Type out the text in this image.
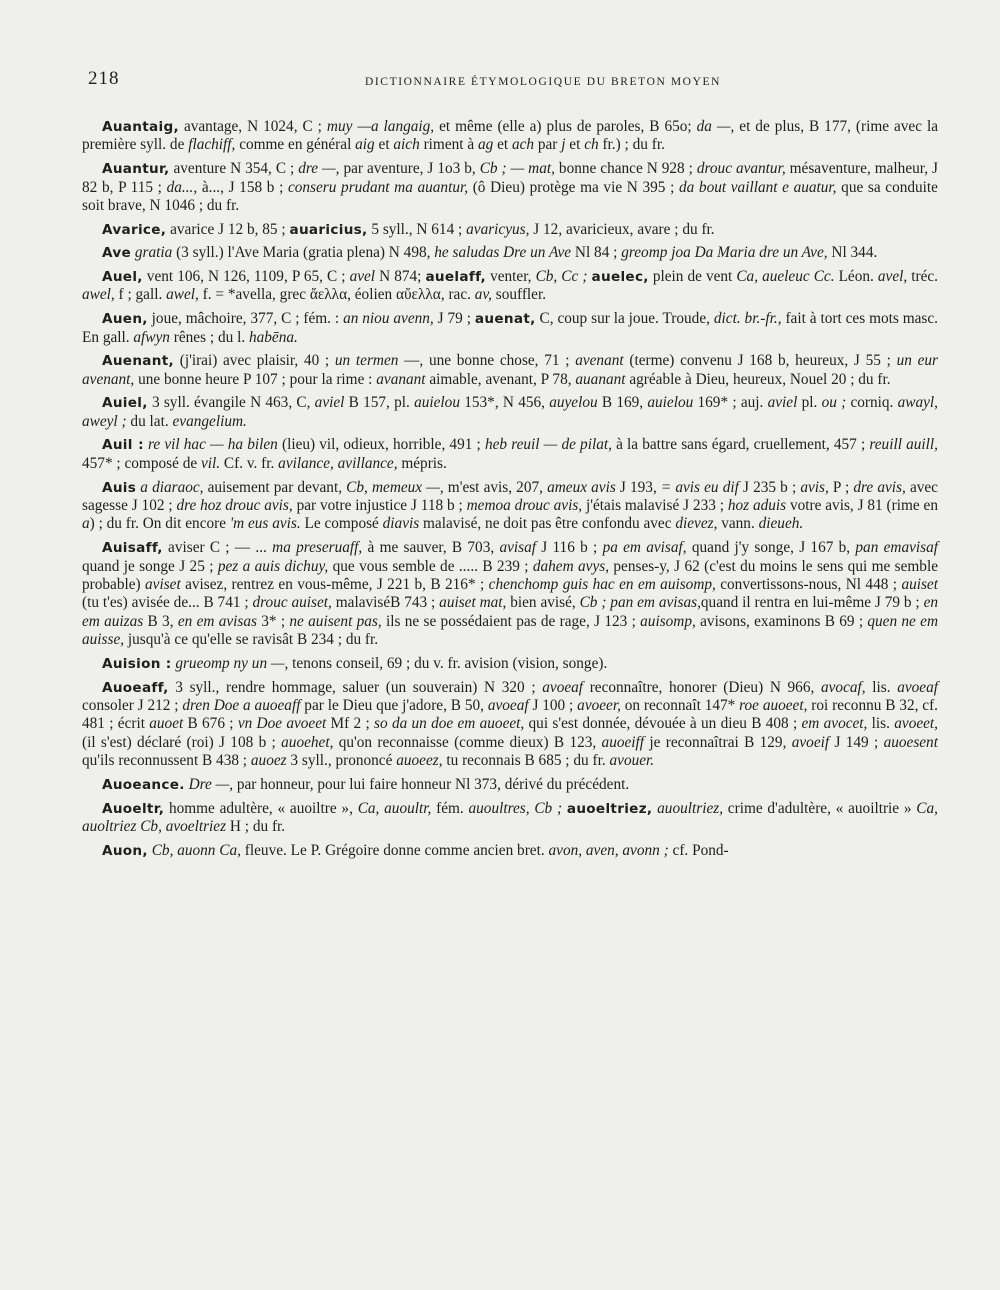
218	DICTIONNAIRE ÉTYMOLOGIQUE DU BRETON MOYEN

Auantaig, avantage, N 1024, C ; muy —a langaig, et même (elle a) plus de paroles, B 65o; da —, et de plus, B 177, (rime avec la première syll. de flachiff, comme en général aig et aich riment à ag et ach par j et ch fr.) ; du fr.

Auantur, aventure N 354, C ; dre —, par aventure, J 1o3 b, Cb ; — mat, bonne chance N 928 ; drouc avantur, mésaventure, malheur, J 82 b, P 115 ; da..., à..., J 158 b ; conseru prudant ma auantur, (ô Dieu) protège ma vie N 395 ; da bout vaillant e auatur, que sa conduite soit brave, N 1046 ; du fr.

Avarice, avarice J 12 b, 85 ; auaricius, 5 syll., N 614 ; avaricyus, J 12, avaricieux, avare ; du fr.

Ave gratia (3 syll.) l'Ave Maria (gratia plena) N 498, he saludas Dre un Ave Nl 84 ; greomp joa Da Maria dre un Ave, Nl 344.

Auel, vent 106, N 126, 1109, P 65, C ; avel N 874; auelaff, venter, Cb, Cc ; auelec, plein de vent Ca, aueleuc Cc. Léon. avel, tréc. awel, f ; gall. awel, f. = *avella, grec ἄελλα, éolien αὔελλα, rac. av, souffler.

Auen, joue, mâchoire, 377, C ; fém. : an niou avenn, J 79 ; auenat, C, coup sur la joue. Troude, dict. br.-fr., fait à tort ces mots masc. En gall. afwyn rênes ; du l. habēna.

Auenant, (j'irai) avec plaisir, 40 ; un termen —, une bonne chose, 71 ; avenant (terme) convenu J 168 b, heureux, J 55 ; un eur avenant, une bonne heure P 107 ; pour la rime : avanant aimable, avenant, P 78, auanant agréable à Dieu, heureux, Nouel 20 ; du fr.

Auiel, 3 syll. évangile N 463, C, aviel B 157, pl. auielou 153*, N 456, auyelou B 169, auielou 169* ; auj. aviel pl. ou ; corniq. awayl, aweyl ; du lat. evangelium.

Auil : re vil hac — ha bilen (lieu) vil, odieux, horrible, 491 ; heb reuil — de pilat, à la battre sans égard, cruellement, 457 ; reuill auill, 457* ; composé de vil. Cf. v. fr. avilance, avillance, mépris.

Auis a diaraoc, auisement par devant, Cb, memeux —, m'est avis, 207, ameux avis J 193, = avis eu dif J 235 b ; avis, P ; dre avis, avec sagesse J 102 ; dre hoz drouc avis, par votre injustice J 118 b ; memoa drouc avis, j'étais malavisé J 233 ; hoz aduis votre avis, J 81 (rime en a) ; du fr. On dit encore 'm eus avis. Le composé diavis malavisé, ne doit pas être confondu avec dievez, vann. dieueh.

Auisaff, aviser C ; — ... ma preseruaff, à me sauver, B 703, avisaf J 116 b ; pa em avisaf, quand j'y songe, J 167 b, pan emavisaf quand je songe J 25 ; pez a auis dichuy, que vous semble de ..... B 239 ; dahem avys, penses-y, J 62 (c'est du moins le sens qui me semble probable) aviset avisez, rentrez en vous-même, J 221 b, B 216* ; chenchomp guis hac en em auisomp, convertissons-nous, Nl 448 ; auiset (tu t'es) avisée de... B 741 ; drouc auiset, malaviséB 743 ; auiset mat, bien avisé, Cb ; pan em avisas,quand il rentra en lui-même J 79 b ; en em auizas B 3, en em avisas 3* ; ne auisent pas, ils ne se possédaient pas de rage, J 123 ; auisomp, avisons, examinons B 69 ; quen ne em auisse, jusqu'à ce qu'elle se ravisât B 234 ; du fr.

Auision : grueomp ny un —, tenons conseil, 69 ; du v. fr. avision (vision, songe).

Auoeaff, 3 syll., rendre hommage, saluer (un souverain) N 320 ; avoeaf reconnaître, honorer (Dieu) N 966, avocaf, lis. avoeaf consoler J 212 ; dren Doe a auoeaff par le Dieu que j'adore, B 50, avoeaf J 100 ; avoeer, on reconnaît 147* roe auoeet, roi reconnu B 32, cf. 481 ; écrit auoet B 676 ; vn Doe avoeet Mf 2 ; so da un doe em auoeet, qui s'est donnée, dévouée à un dieu B 408 ; em avocet, lis. avoeet, (il s'est) déclaré (roi) J 108 b ; auoehet, qu'on reconnaisse (comme dieux) B 123, auoeiff je reconnaîtrai B 129, avoeif J 149 ; auoesent qu'ils reconnussent B 438 ; auoez 3 syll., prononcé auoeez, tu reconnais B 685 ; du fr. avouer.

Auoeance. Dre —, par honneur, pour lui faire honneur Nl 373, dérivé du précédent.

Auoeltr, homme adultère, « auoiltre », Ca, auoultr, fém. auoultres, Cb ; auoeltriez, auoultriez, crime d'adultère, « auoiltrie » Ca, auoltriez Cb, avoeltriez H ; du fr.

Auon, Cb, auonn Ca, fleuve. Le P. Grégoire donne comme ancien bret. avon, aven, avonn ; cf. Pond-
